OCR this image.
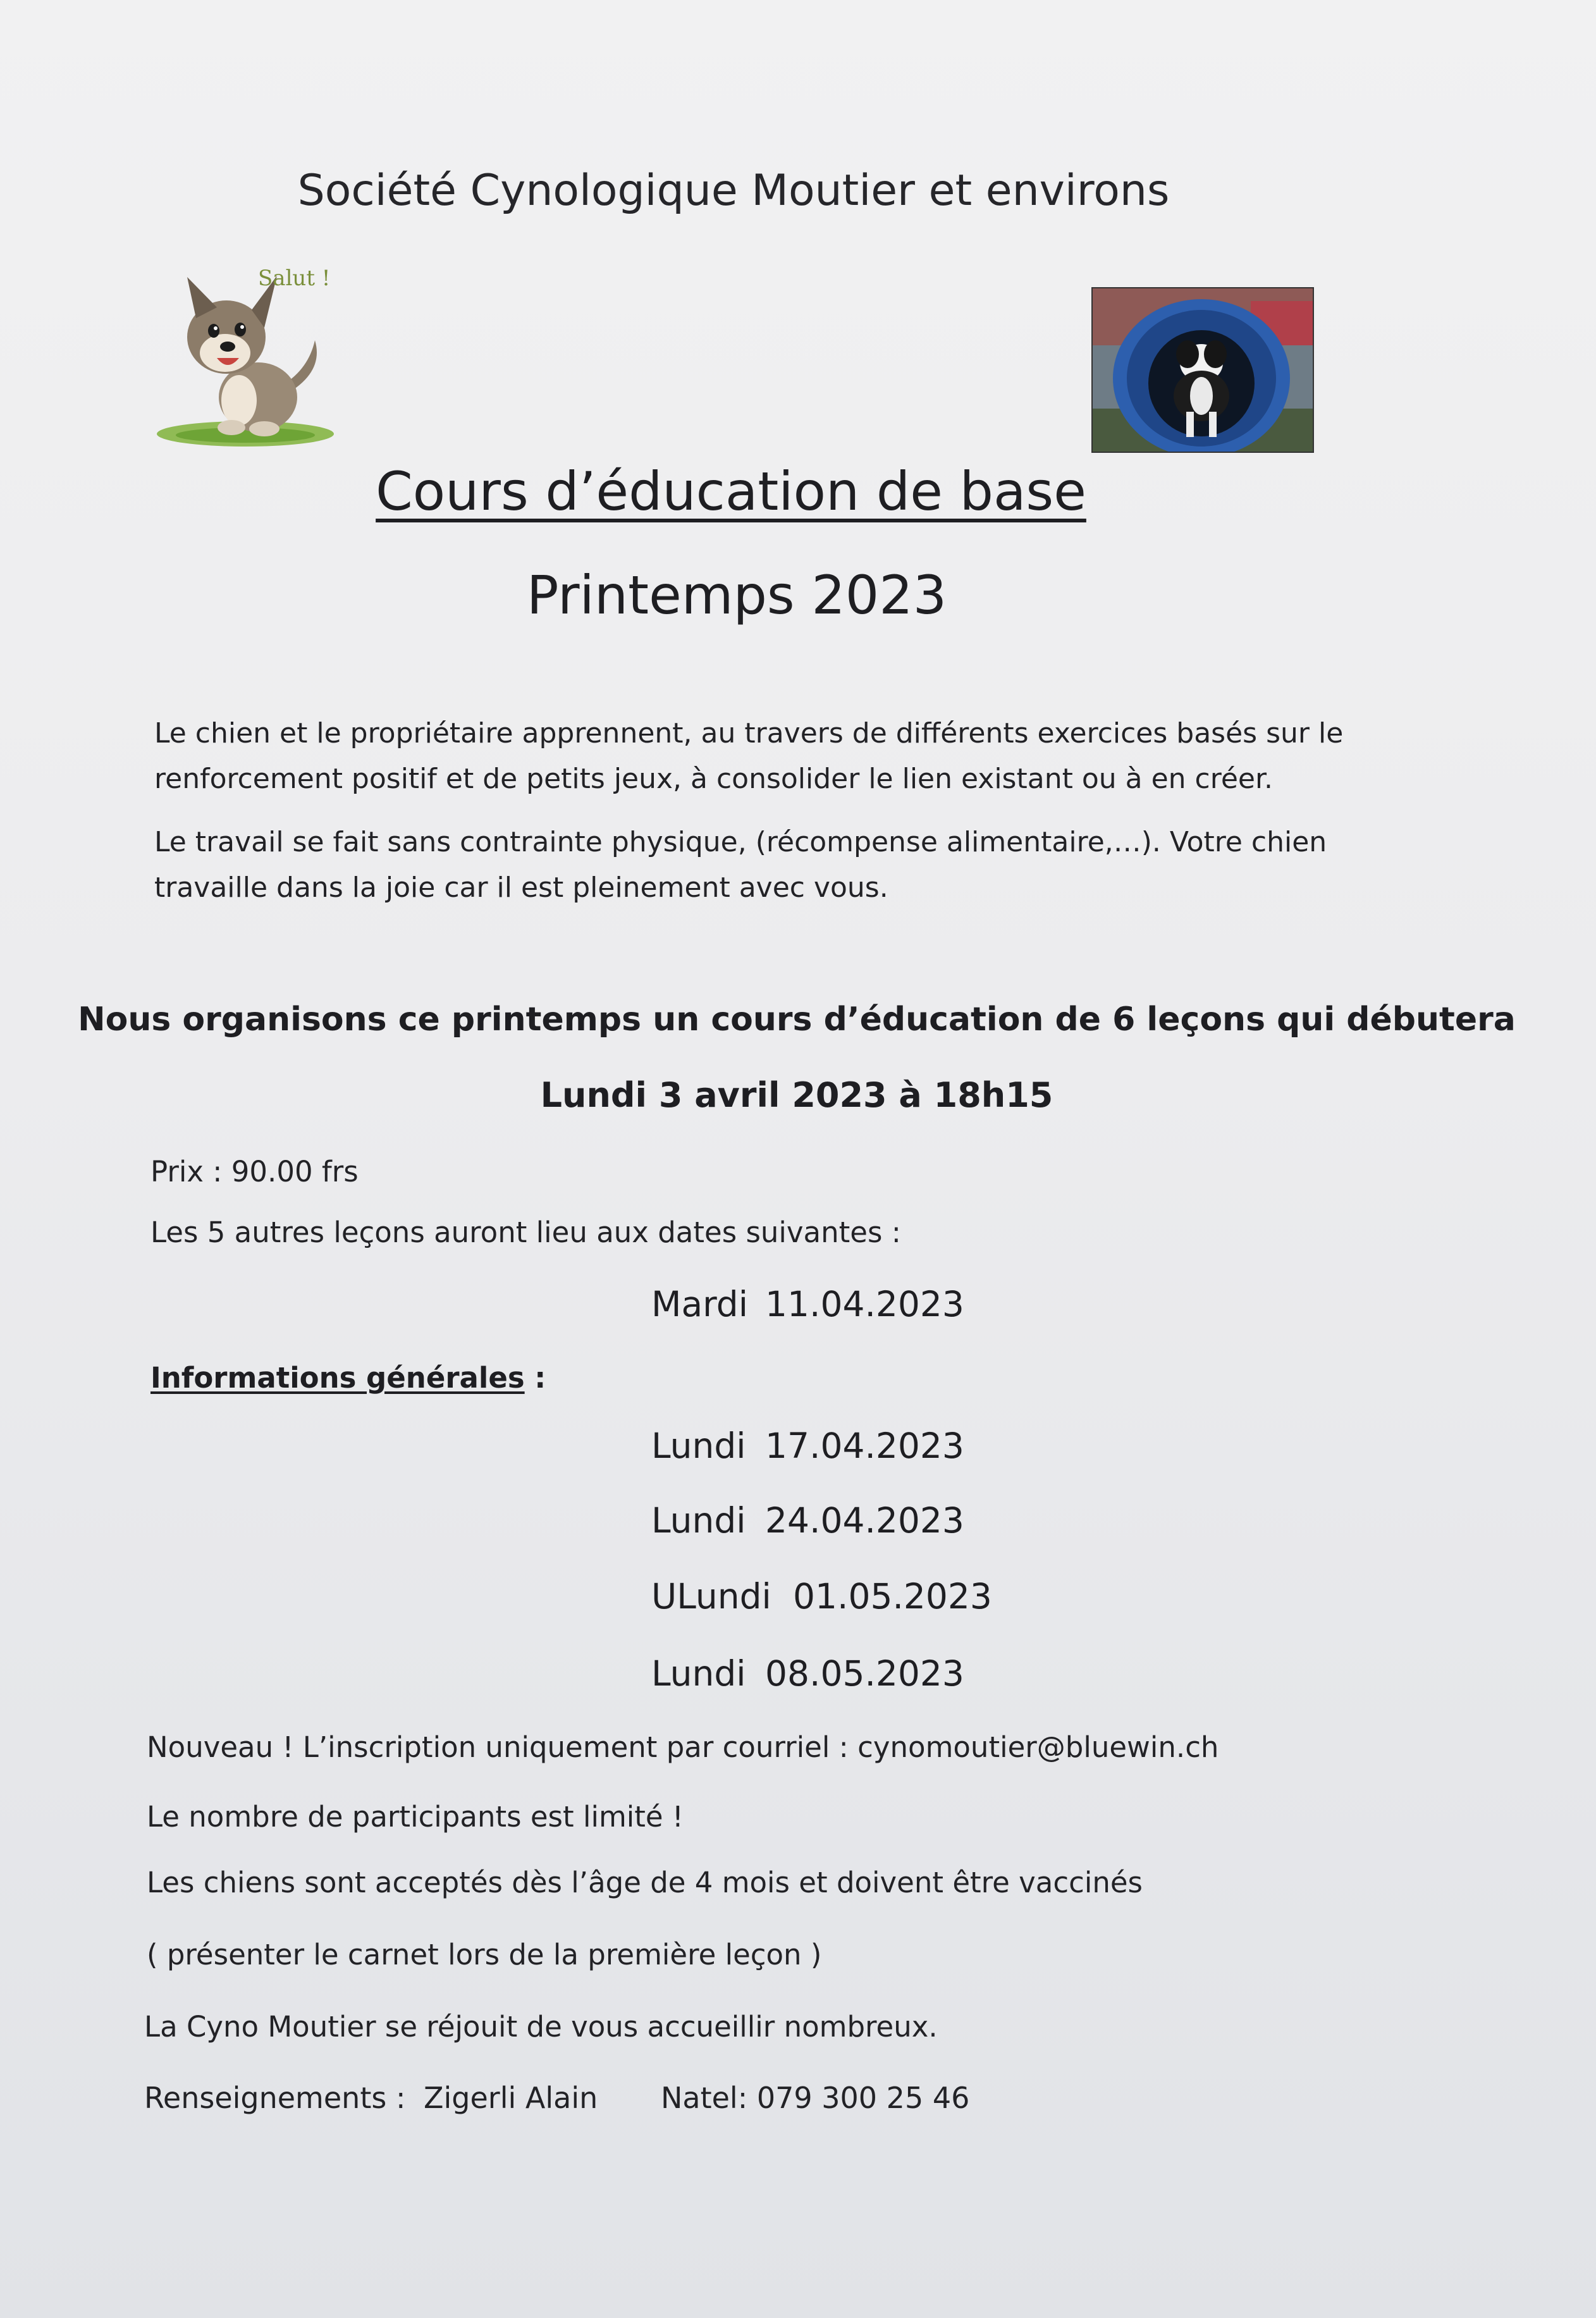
Société Cynologique Moutier et environs
Salut !
Cours d’éducation de base
Printemps 2023
Le chien et le propriétaire apprennent, au travers de différents exercices basés sur le renforcement positif et de petits jeux, à consolider le lien existant ou à en créer.
Le travail se fait sans contrainte physique, (récompense alimentaire,…). Votre chien travaille dans la joie car il est pleinement avec vous.
Nous organisons ce printemps un cours d’éducation de 6 leçons qui débutera
Lundi 3 avril 2023 à 18h15
Prix : 90.00 frs
Les 5 autres leçons auront lieu aux dates suivantes :
Mardi 11.04.2023
Informations générales :
Lundi 17.04.2023
Lundi 24.04.2023
ULundi 01.05.2023
Lundi 08.05.2023
Nouveau ! L’inscription uniquement par courriel : cynomoutier@bluewin.ch
Le nombre de participants est limité !
Les chiens sont acceptés dès l’âge de 4 mois et doivent être vaccinés
( présenter le carnet lors de la première leçon )
La Cyno Moutier se réjouit de vous accueillir nombreux.
Renseignements : Zigerli Alain Natel: 079 300 25 46
